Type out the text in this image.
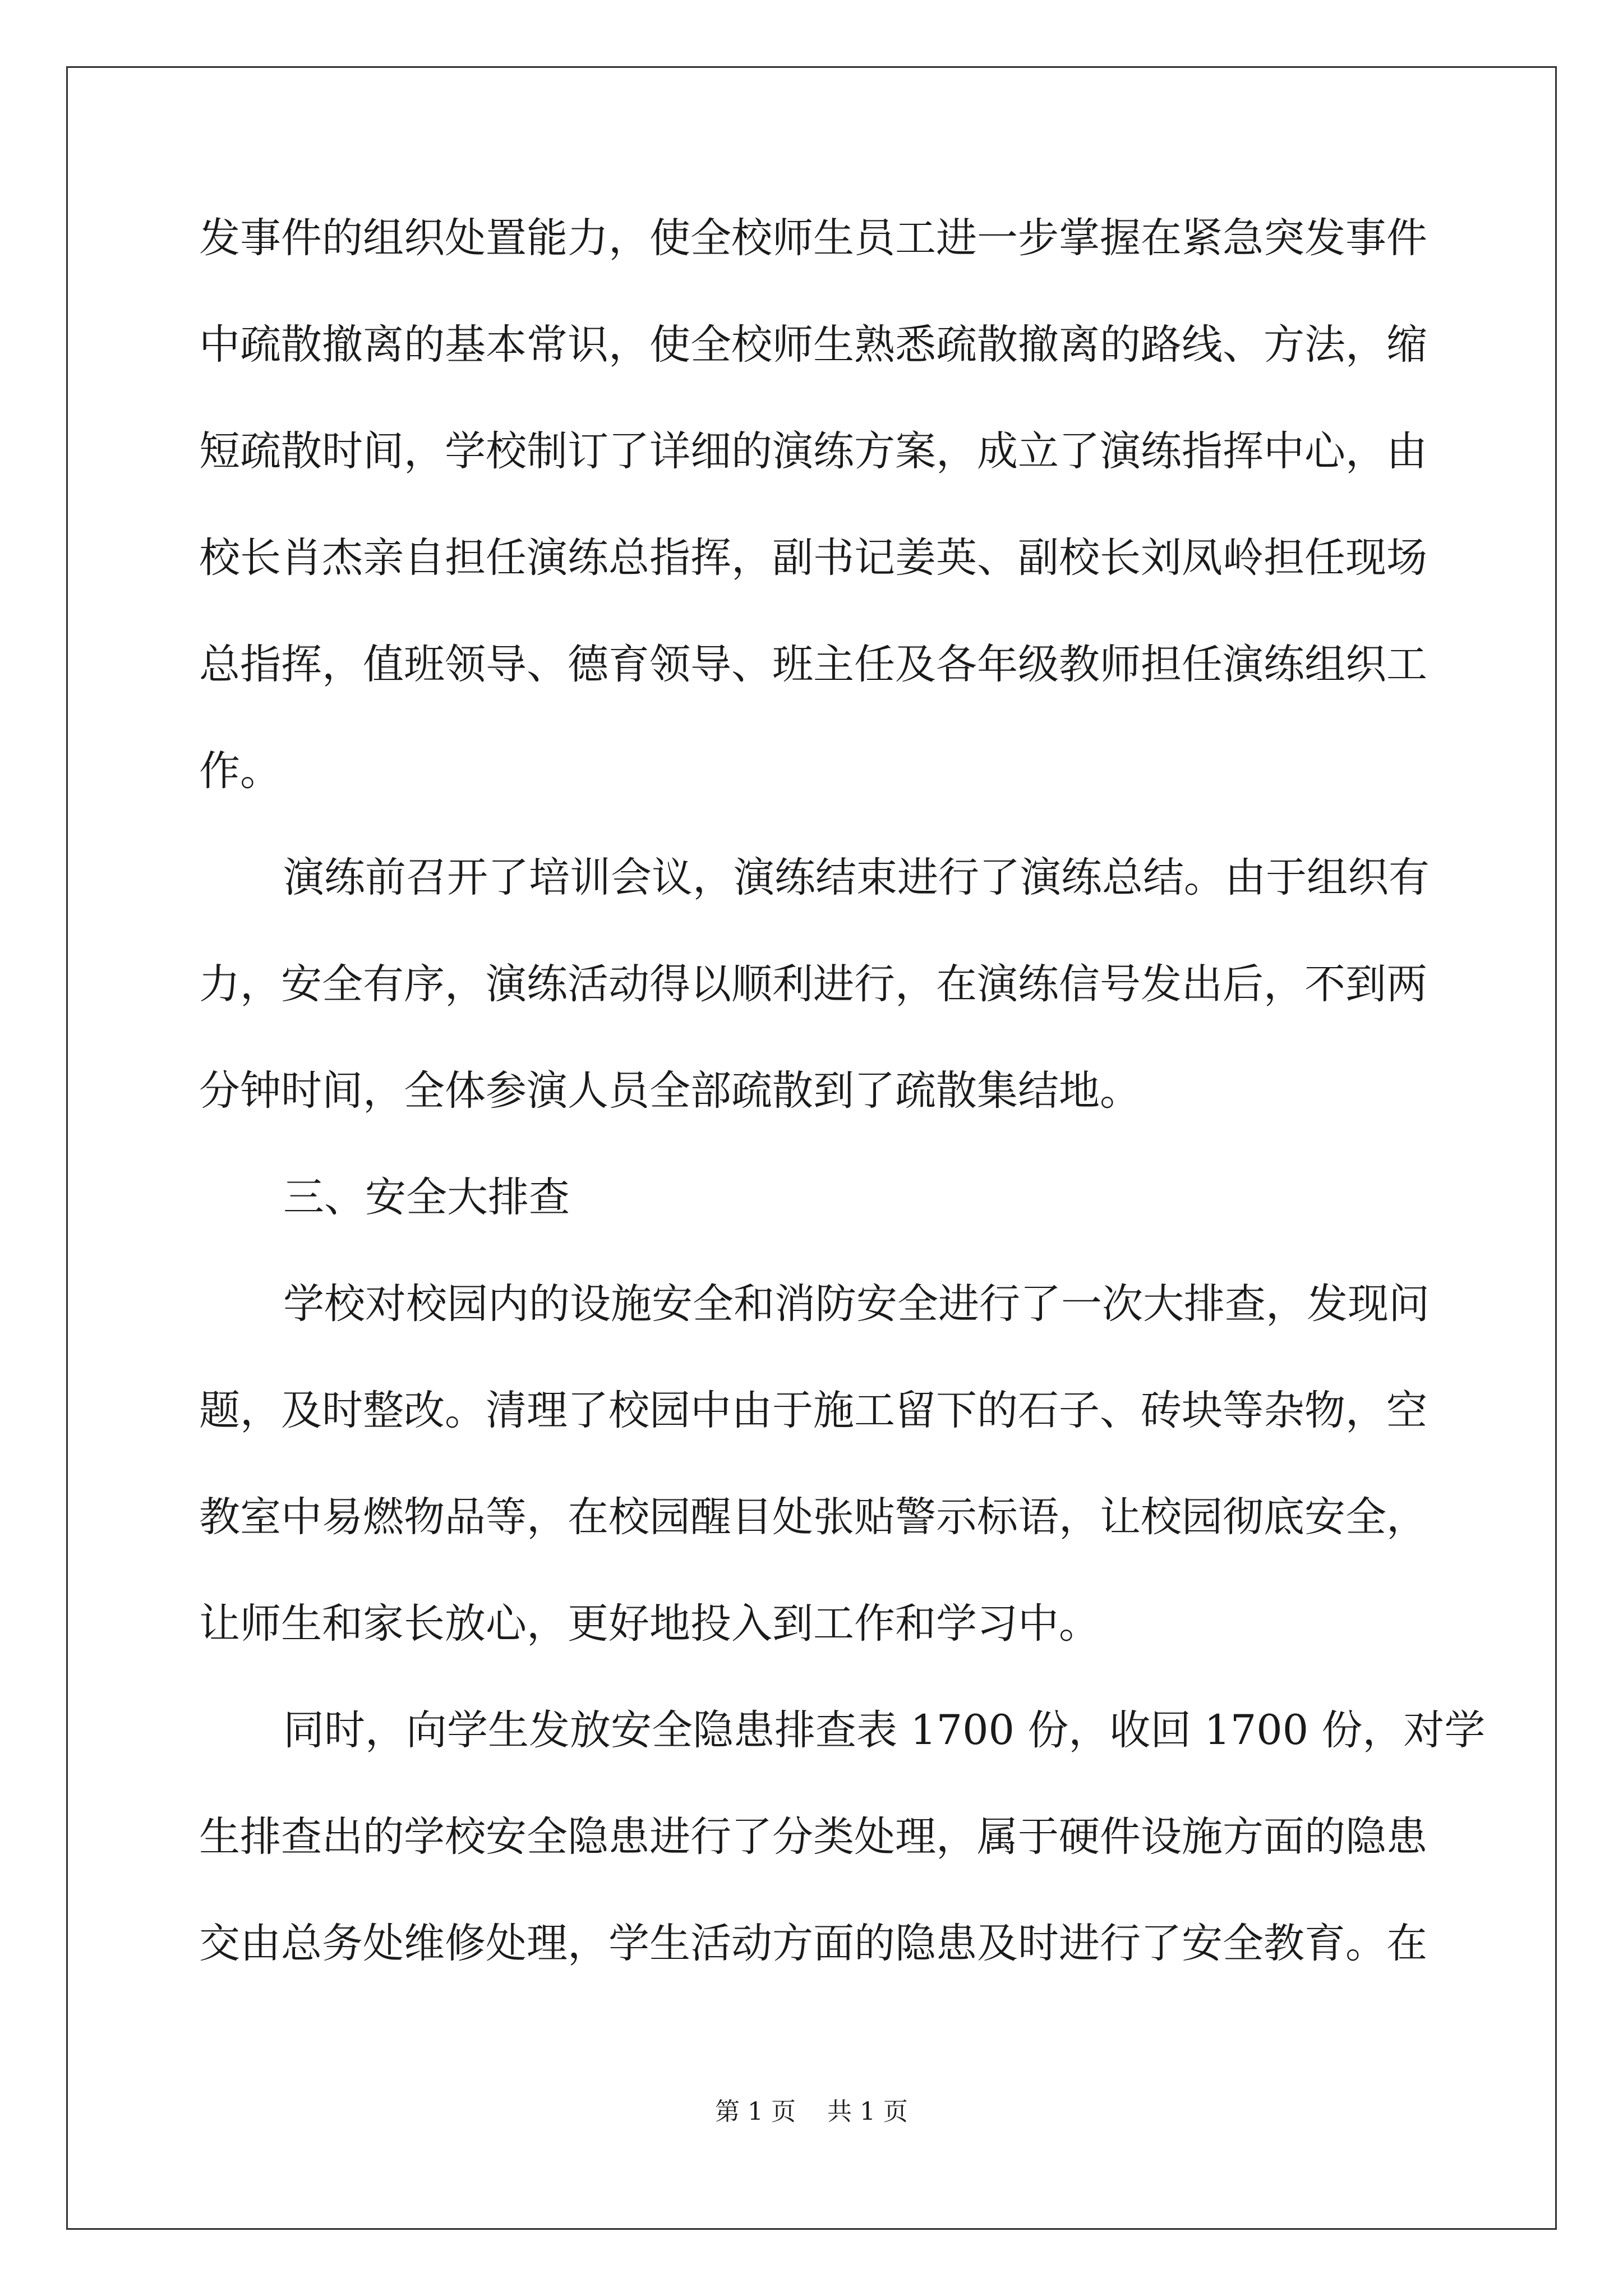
发事件的组织处置能力，使全校师生员工进一步掌握在紧急突发事件
中疏散撤离的基本常识，使全校师生熟悉疏散撤离的路线、方法，缩
短疏散时间，学校制订了详细的演练方案，成立了演练指挥中心，由
校长肖杰亲自担任演练总指挥，副书记姜英、副校长刘凤岭担任现场
总指挥，值班领导、德育领导、班主任及各年级教师担任演练组织工
作。
演练前召开了培训会议，演练结束进行了演练总结。由于组织有
力，安全有序，演练活动得以顺利进行，在演练信号发出后，不到两
分钟时间，全体参演人员全部疏散到了疏散集结地。
三、安全大排查
学校对校园内的设施安全和消防安全进行了一次大排查，发现问
题，及时整改。清理了校园中由于施工留下的石子、砖块等杂物，空
教室中易燃物品等，在校园醒目处张贴警示标语，让校园彻底安全，
让师生和家长放心，更好地投入到工作和学习中。
同时，向学生发放安全隐患排查表 1700 份，收回 1700 份，对学
生排查出的学校安全隐患进行了分类处理，属于硬件设施方面的隐患
交由总务处维修处理，学生活动方面的隐患及时进行了安全教育。在
第 1 页 共 1 页
